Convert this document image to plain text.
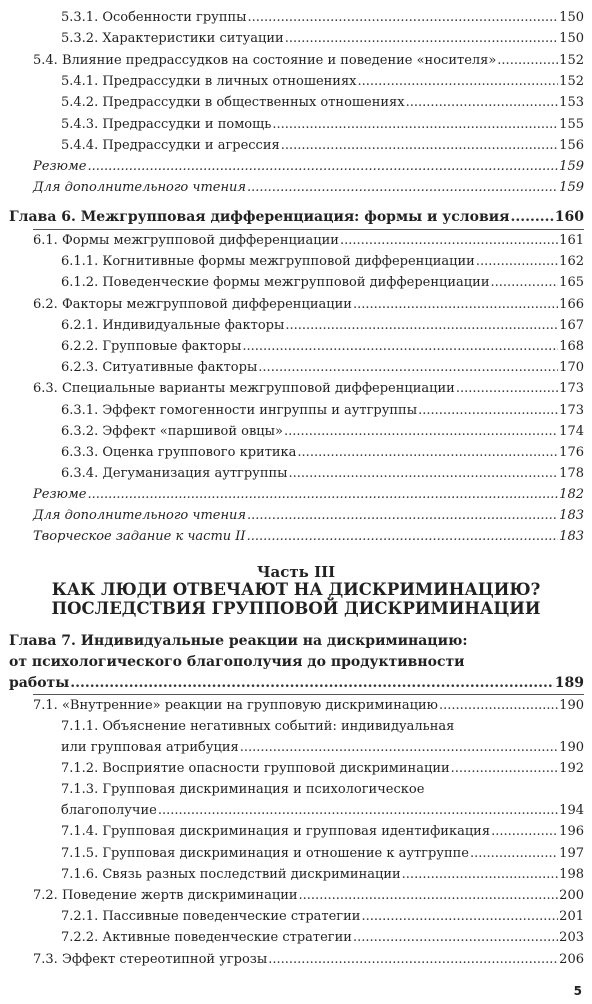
5.3.1. Особенности группы .....	150
5.3.2. Характеристики ситуации .....	150
5.4. Влияние предрассудков на состояние и поведение «носителя» .....	152
5.4.1. Предрассудки в личных отношениях .....	152
5.4.2. Предрассудки в общественных отношениях .....	153
5.4.3. Предрассудки и помощь .....	155
5.4.4. Предрассудки и агрессия .....	156
Резюме .....	159
Для дополнительного чтения .....	159
Глава 6. Межгрупповая дифференциация: формы и условия .....	160
6.1. Формы межгрупповой дифференциации .....	161
6.1.1. Когнитивные формы межгрупповой дифференциации .....	162
6.1.2. Поведенческие формы межгрупповой дифференциации .....	165
6.2. Факторы межгрупповой дифференциации .....	166
6.2.1. Индивидуальные факторы .....	167
6.2.2. Групповые факторы .....	168
6.2.3. Ситуативные факторы .....	170
6.3. Специальные варианты межгрупповой дифференциации .....	173
6.3.1. Эффект гомогенности ингруппы и аутгруппы .....	173
6.3.2. Эффект «паршивой овцы» .....	174
6.3.3. Оценка группового критика .....	176
6.3.4. Дегуманизация аутгруппы .....	178
Резюме .....	182
Для дополнительного чтения .....	183
Творческое задание к части II .....	183
Часть III
КАК ЛЮДИ ОТВЕЧАЮТ НА ДИСКРИМИНАЦИЮ?
ПОСЛЕДСТВИЯ ГРУППОВОЙ ДИСКРИМИНАЦИИ
Глава 7. Индивидуальные реакции на дискриминацию:
от психологического благополучия до продуктивности
работы .....	189
7.1. «Внутренние» реакции на групповую дискриминацию .....	190
7.1.1. Объяснение негативных событий: индивидуальная
или групповая атрибуция .....	190
7.1.2. Восприятие опасности групповой дискриминации .....	192
7.1.3. Групповая дискриминация и психологическое
благополучие .....	194
7.1.4. Групповая дискриминация и групповая идентификация .....	196
7.1.5. Групповая дискриминация и отношение к аутгруппе .....	197
7.1.6. Связь разных последствий дискриминации .....	198
7.2. Поведение жертв дискриминации .....	200
7.2.1. Пассивные поведенческие стратегии .....	201
7.2.2. Активные поведенческие стратегии .....	203
7.3. Эффект стереотипной угрозы .....	206
5
